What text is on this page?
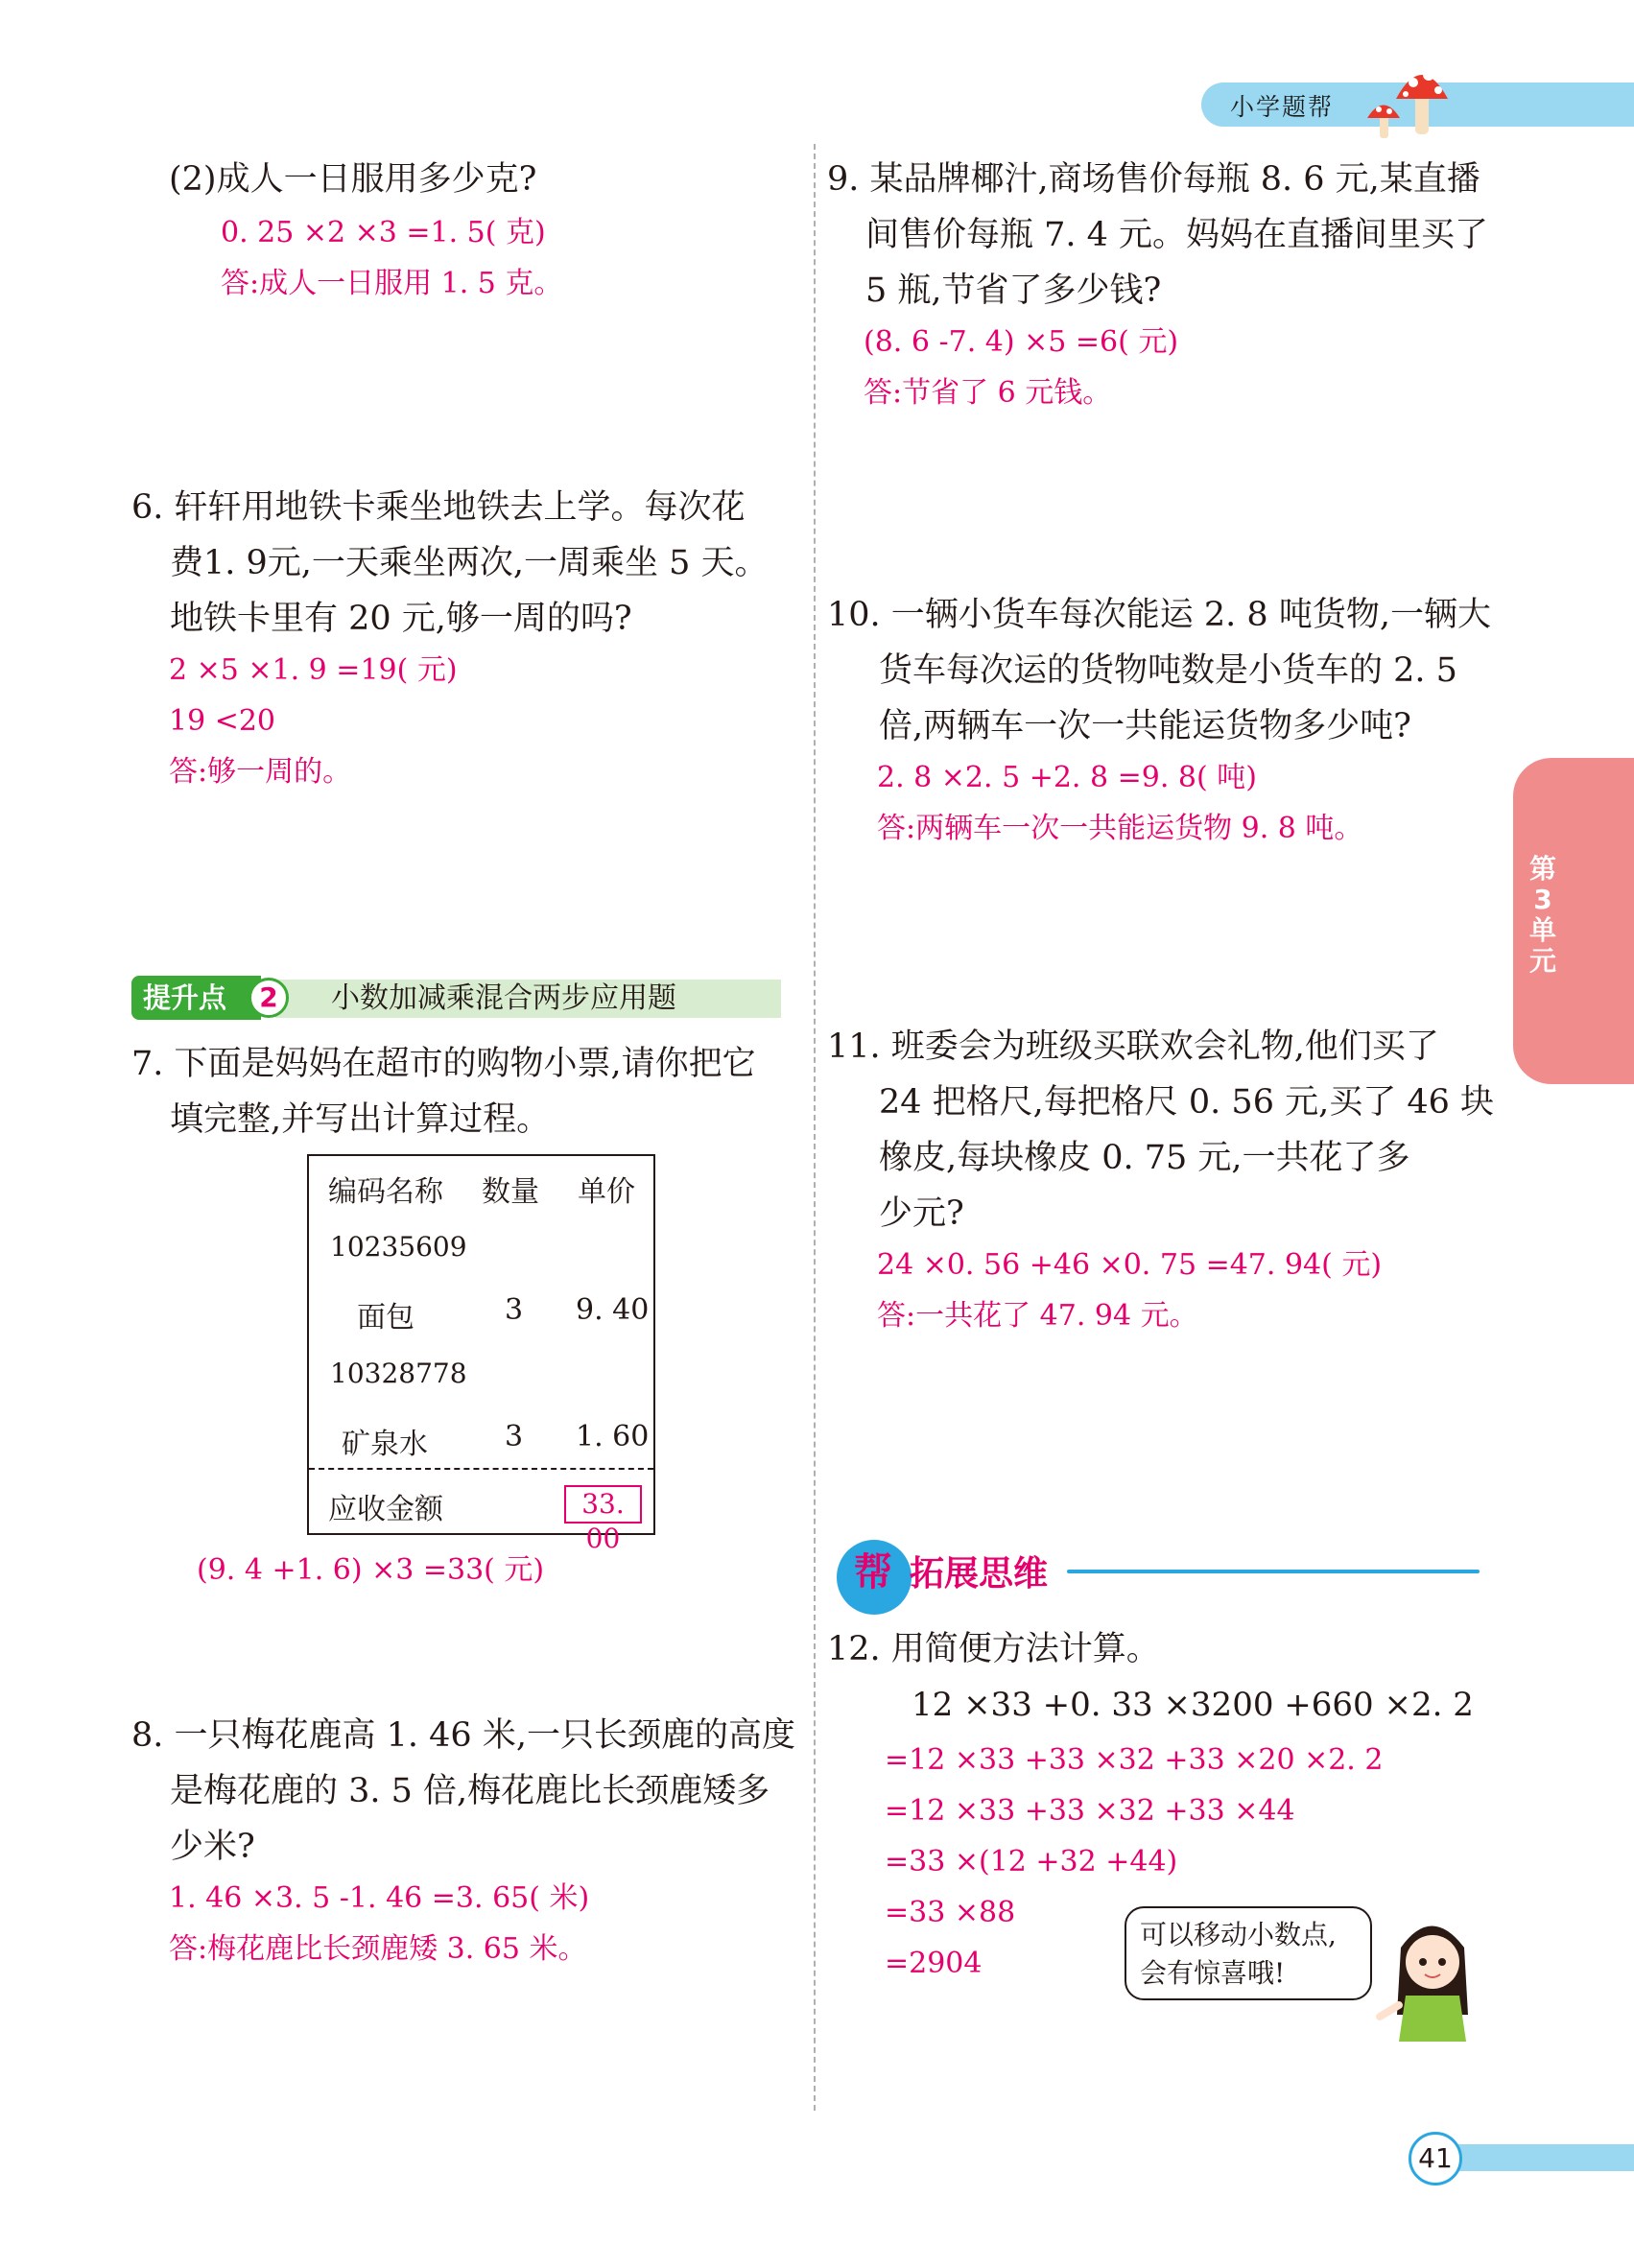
小学题帮
(2)成人一日服用多少克?
0. 25 ×2 ×3 =1. 5( 克)
答:成人一日服用 1. 5 克。
6. 轩轩用地铁卡乘坐地铁去上学。每次花
费1. 9元,一天乘坐两次,一周乘坐 5 天。
地铁卡里有 20 元,够一周的吗?
2 ×5 ×1. 9 =19( 元)
19 <20
答:够一周的。
提升点	2	小数加减乘混合两步应用题
7. 下面是妈妈在超市的购物小票,请你把它
填完整,并写出计算过程。
编码名称 数量 单价
10235609
面包	3 9. 40
10328778
矿泉水	3 1. 60
应收金额	33. 00
(9. 4 +1. 6) ×3 =33( 元)
8. 一只梅花鹿高 1. 46 米,一只长颈鹿的高度
是梅花鹿的 3. 5 倍,梅花鹿比长颈鹿矮多
少米?
1. 46 ×3. 5 -1. 46 =3. 65( 米)
答:梅花鹿比长颈鹿矮 3. 65 米。
9. 某品牌椰汁,商场售价每瓶 8. 6 元,某直播
间售价每瓶 7. 4 元。妈妈在直播间里买了
5 瓶,节省了多少钱?
(8. 6 -7. 4) ×5 =6( 元)
答:节省了 6 元钱。
10. 一辆小货车每次能运 2. 8 吨货物,一辆大
货车每次运的货物吨数是小货车的 2. 5
倍,两辆车一次一共能运货物多少吨?
2. 8 ×2. 5 +2. 8 =9. 8( 吨)
答:两辆车一次一共能运货物 9. 8 吨。
第
3
单
元
11. 班委会为班级买联欢会礼物,他们买了
24 把格尺,每把格尺 0. 56 元,买了 46 块
橡皮,每块橡皮 0. 75 元,一共花了多
少元?
24 ×0. 56 +46 ×0. 75 =47. 94( 元)
答:一共花了 47. 94 元。
帮 拓展思维
12. 用简便方法计算。
12 ×33 +0. 33 ×3200 +660 ×2. 2
=12 ×33 +33 ×32 +33 ×20 ×2. 2
=12 ×33 +33 ×32 +33 ×44
=33 ×(12 +32 +44)
=33 ×88
=2904
可以移动小数点,
会有惊喜哦!
41
